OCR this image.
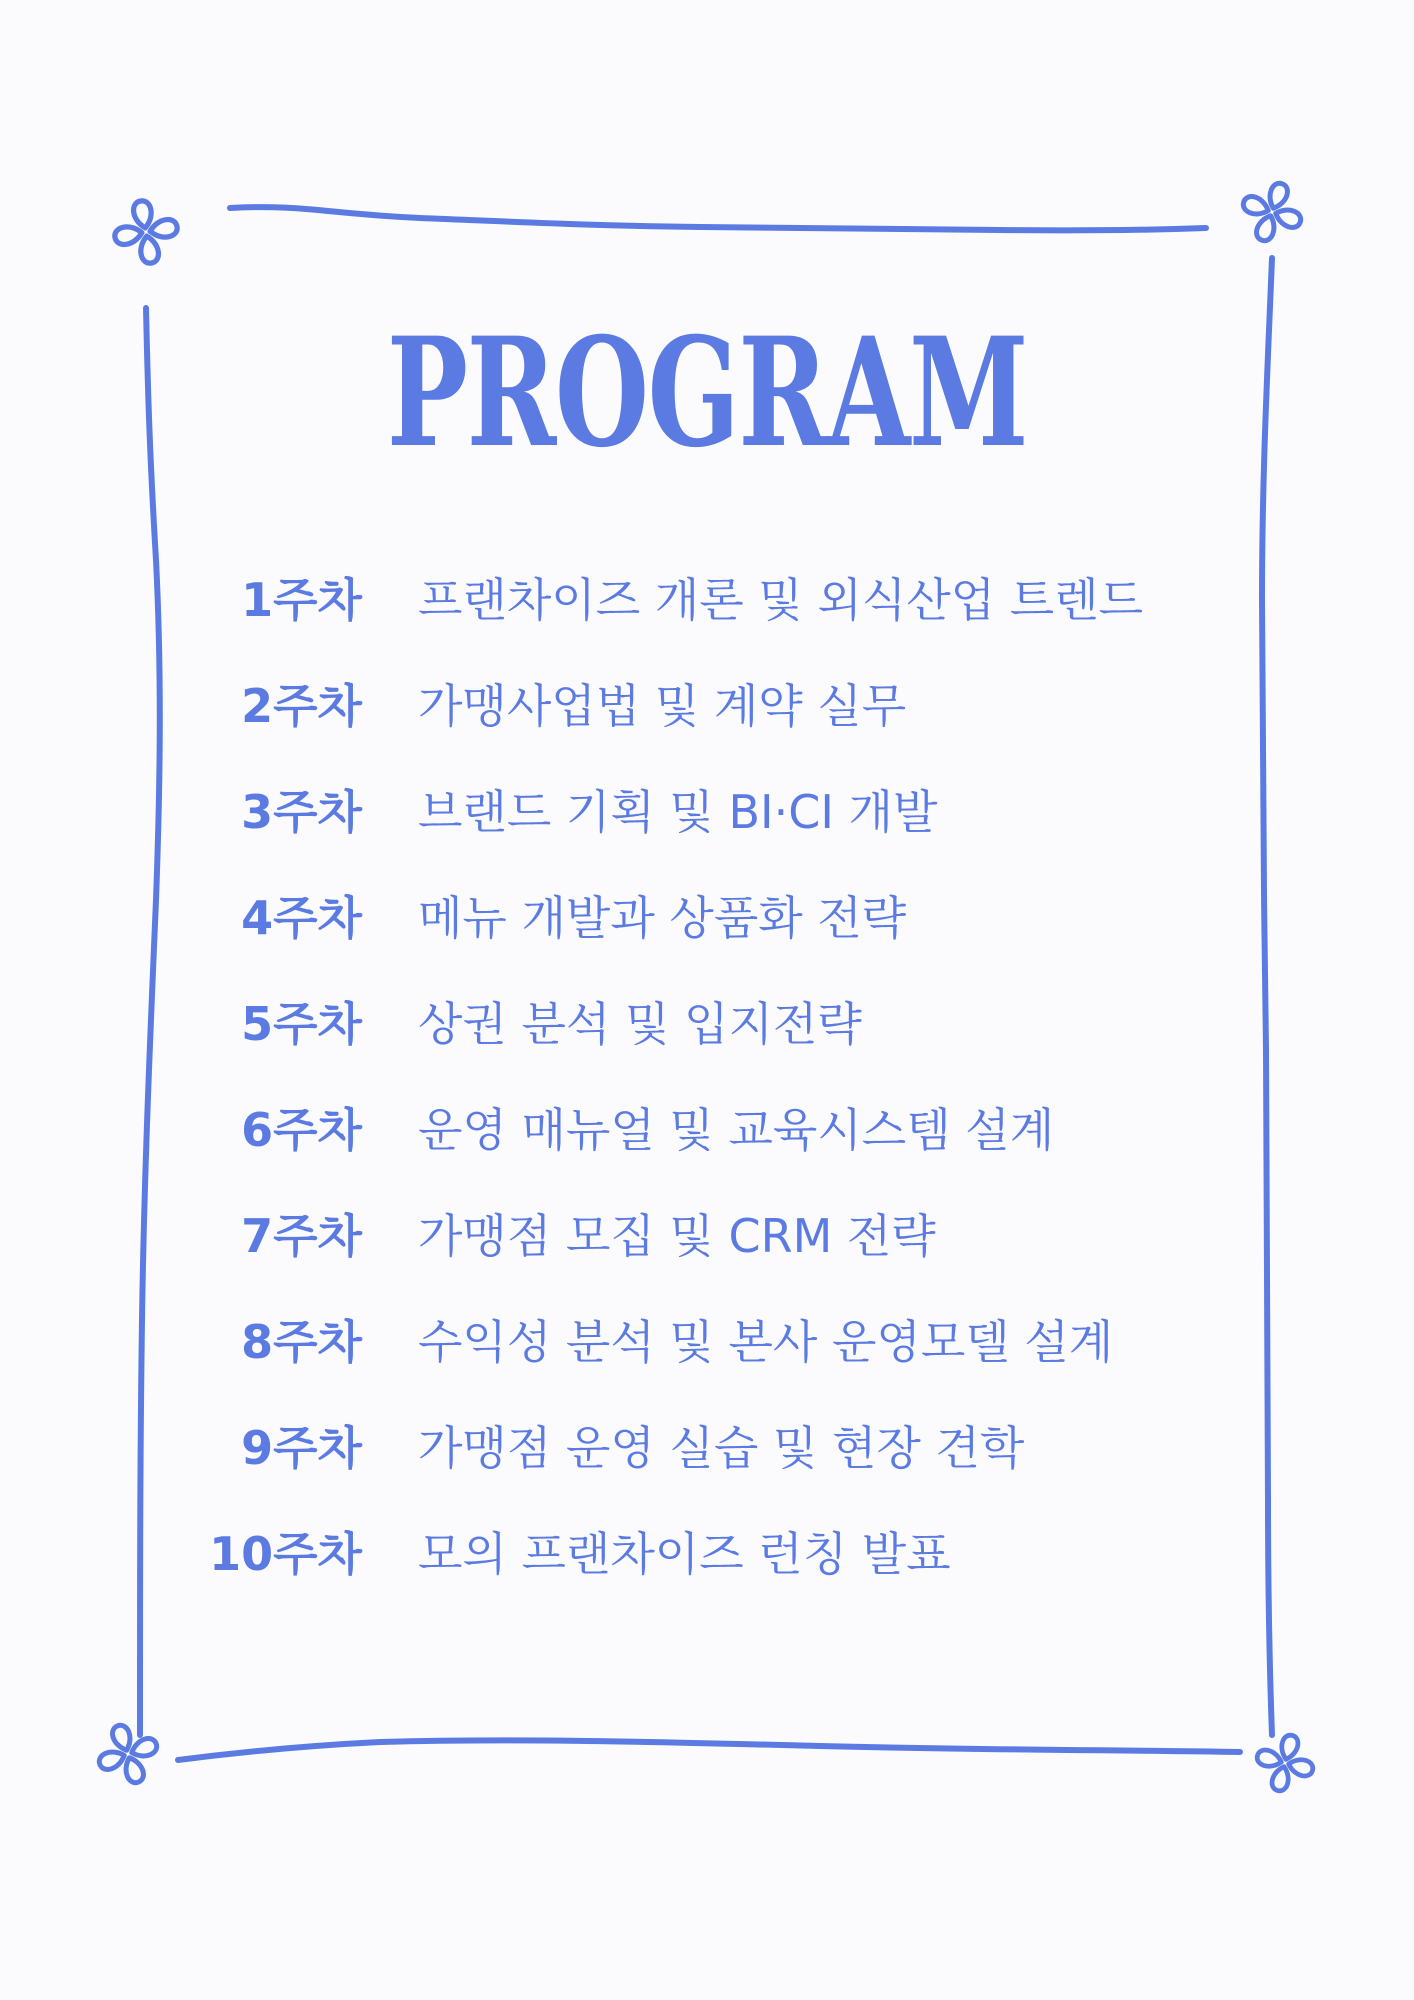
PROGRAM
1주차 프랜차이즈 개론 및 외식산업 트렌드
2주차 가맹사업법 및 계약 실무
3주차 브랜드 기획 및 BI·CI 개발
4주차 메뉴 개발과 상품화 전략
5주차 상권 분석 및 입지전략
6주차 운영 매뉴얼 및 교육시스템 설계
7주차 가맹점 모집 및 CRM 전략
8주차 수익성 분석 및 본사 운영모델 설계
9주차 가맹점 운영 실습 및 현장 견학
10주차 모의 프랜차이즈 런칭 발표
